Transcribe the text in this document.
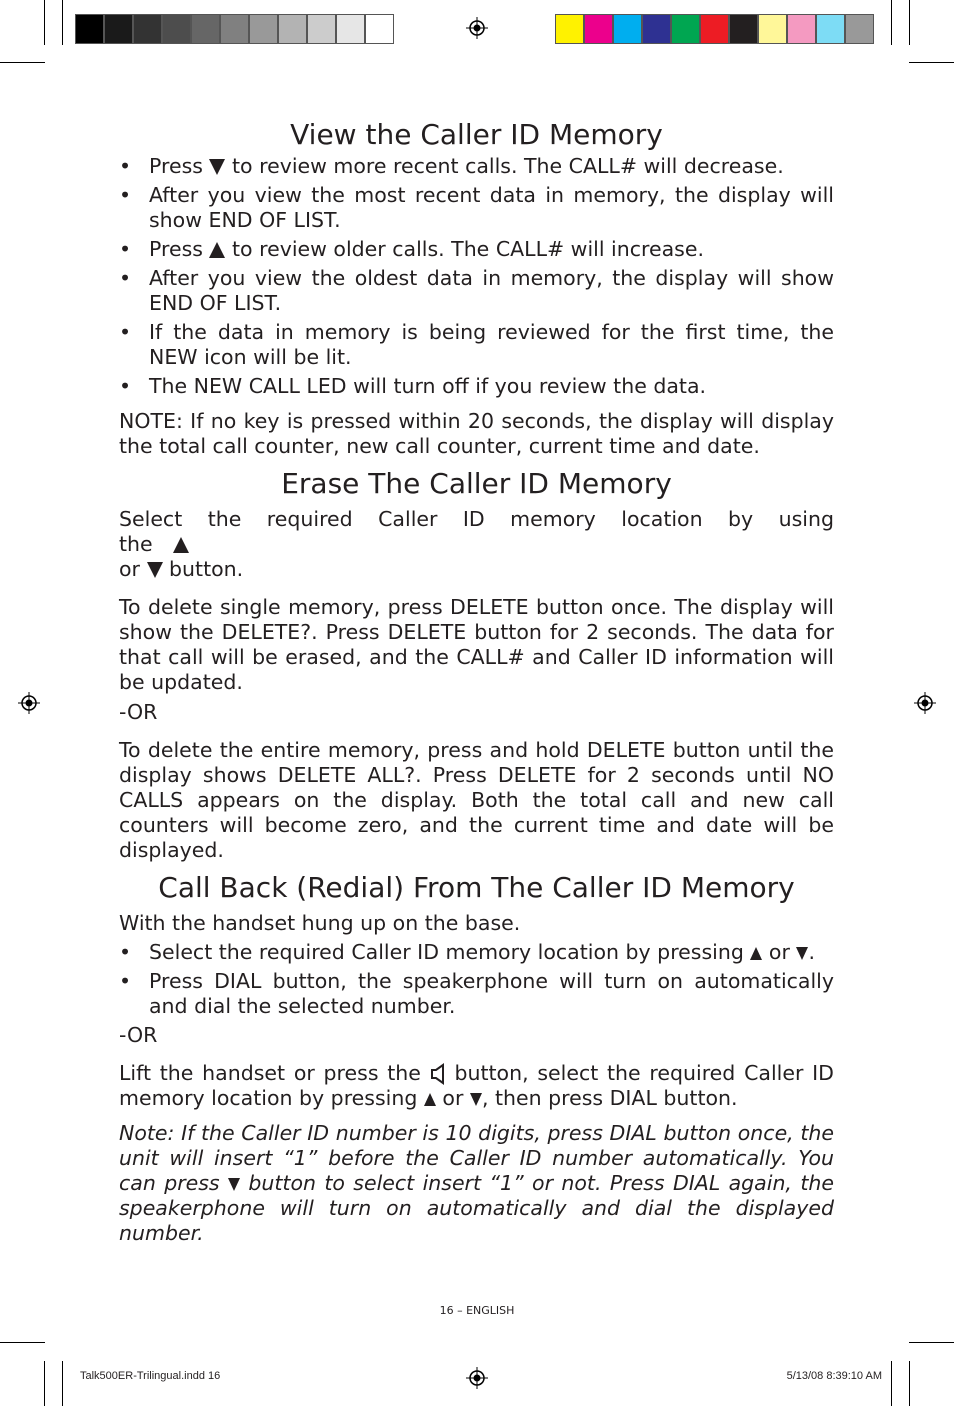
View the Caller ID Memory
• Press to review more recent calls. The CALL# will decrease.
• After you view the most recent data in memory, the display will show END OF LIST.
• Press to review older calls. The CALL# will increase.
• After you view the oldest data in memory, the display will show END OF LIST.
• If the data in memory is being reviewed for the first time, the NEW icon will be lit.
• The NEW CALL LED will turn off if you review the data.

NOTE: If no key is pressed within 20 seconds, the display will display the total call counter, new call counter, current time and date.

Erase The Caller ID Memory

Select the required Caller ID memory location by using the

or button.

To delete single memory, press DELETE button once. The display will show the DELETE?. Press DELETE button for 2 seconds. The data for that call will be erased, and the CALL# and Caller ID information will be updated.

-OR

To delete the entire memory, press and hold DELETE button until the display shows DELETE ALL?. Press DELETE for 2 seconds until NO CALLS appears on the display. Both the total call and new call counters will become zero, and the current time and date will be displayed.

Call Back (Redial) From The Caller ID Memory

With the handset hung up on the base.

• Select the required Caller ID memory location by pressing or .
• Press DIAL button, the speakerphone will turn on automatically and dial the selected number.

-OR

Lift the handset or press the button, select the required Caller ID memory location by pressing or , then press DIAL button.

Note: If the Caller ID number is 10 digits, press DIAL button once, the unit will insert “1” before the Caller ID number automatically. You can press button to select insert “1” or not. Press DIAL again, the speakerphone will turn on automatically and dial the displayed number.

16 – ENGLISH
Talk500ER-Trilingual.indd 16	5/13/08 8:39:10 AM
